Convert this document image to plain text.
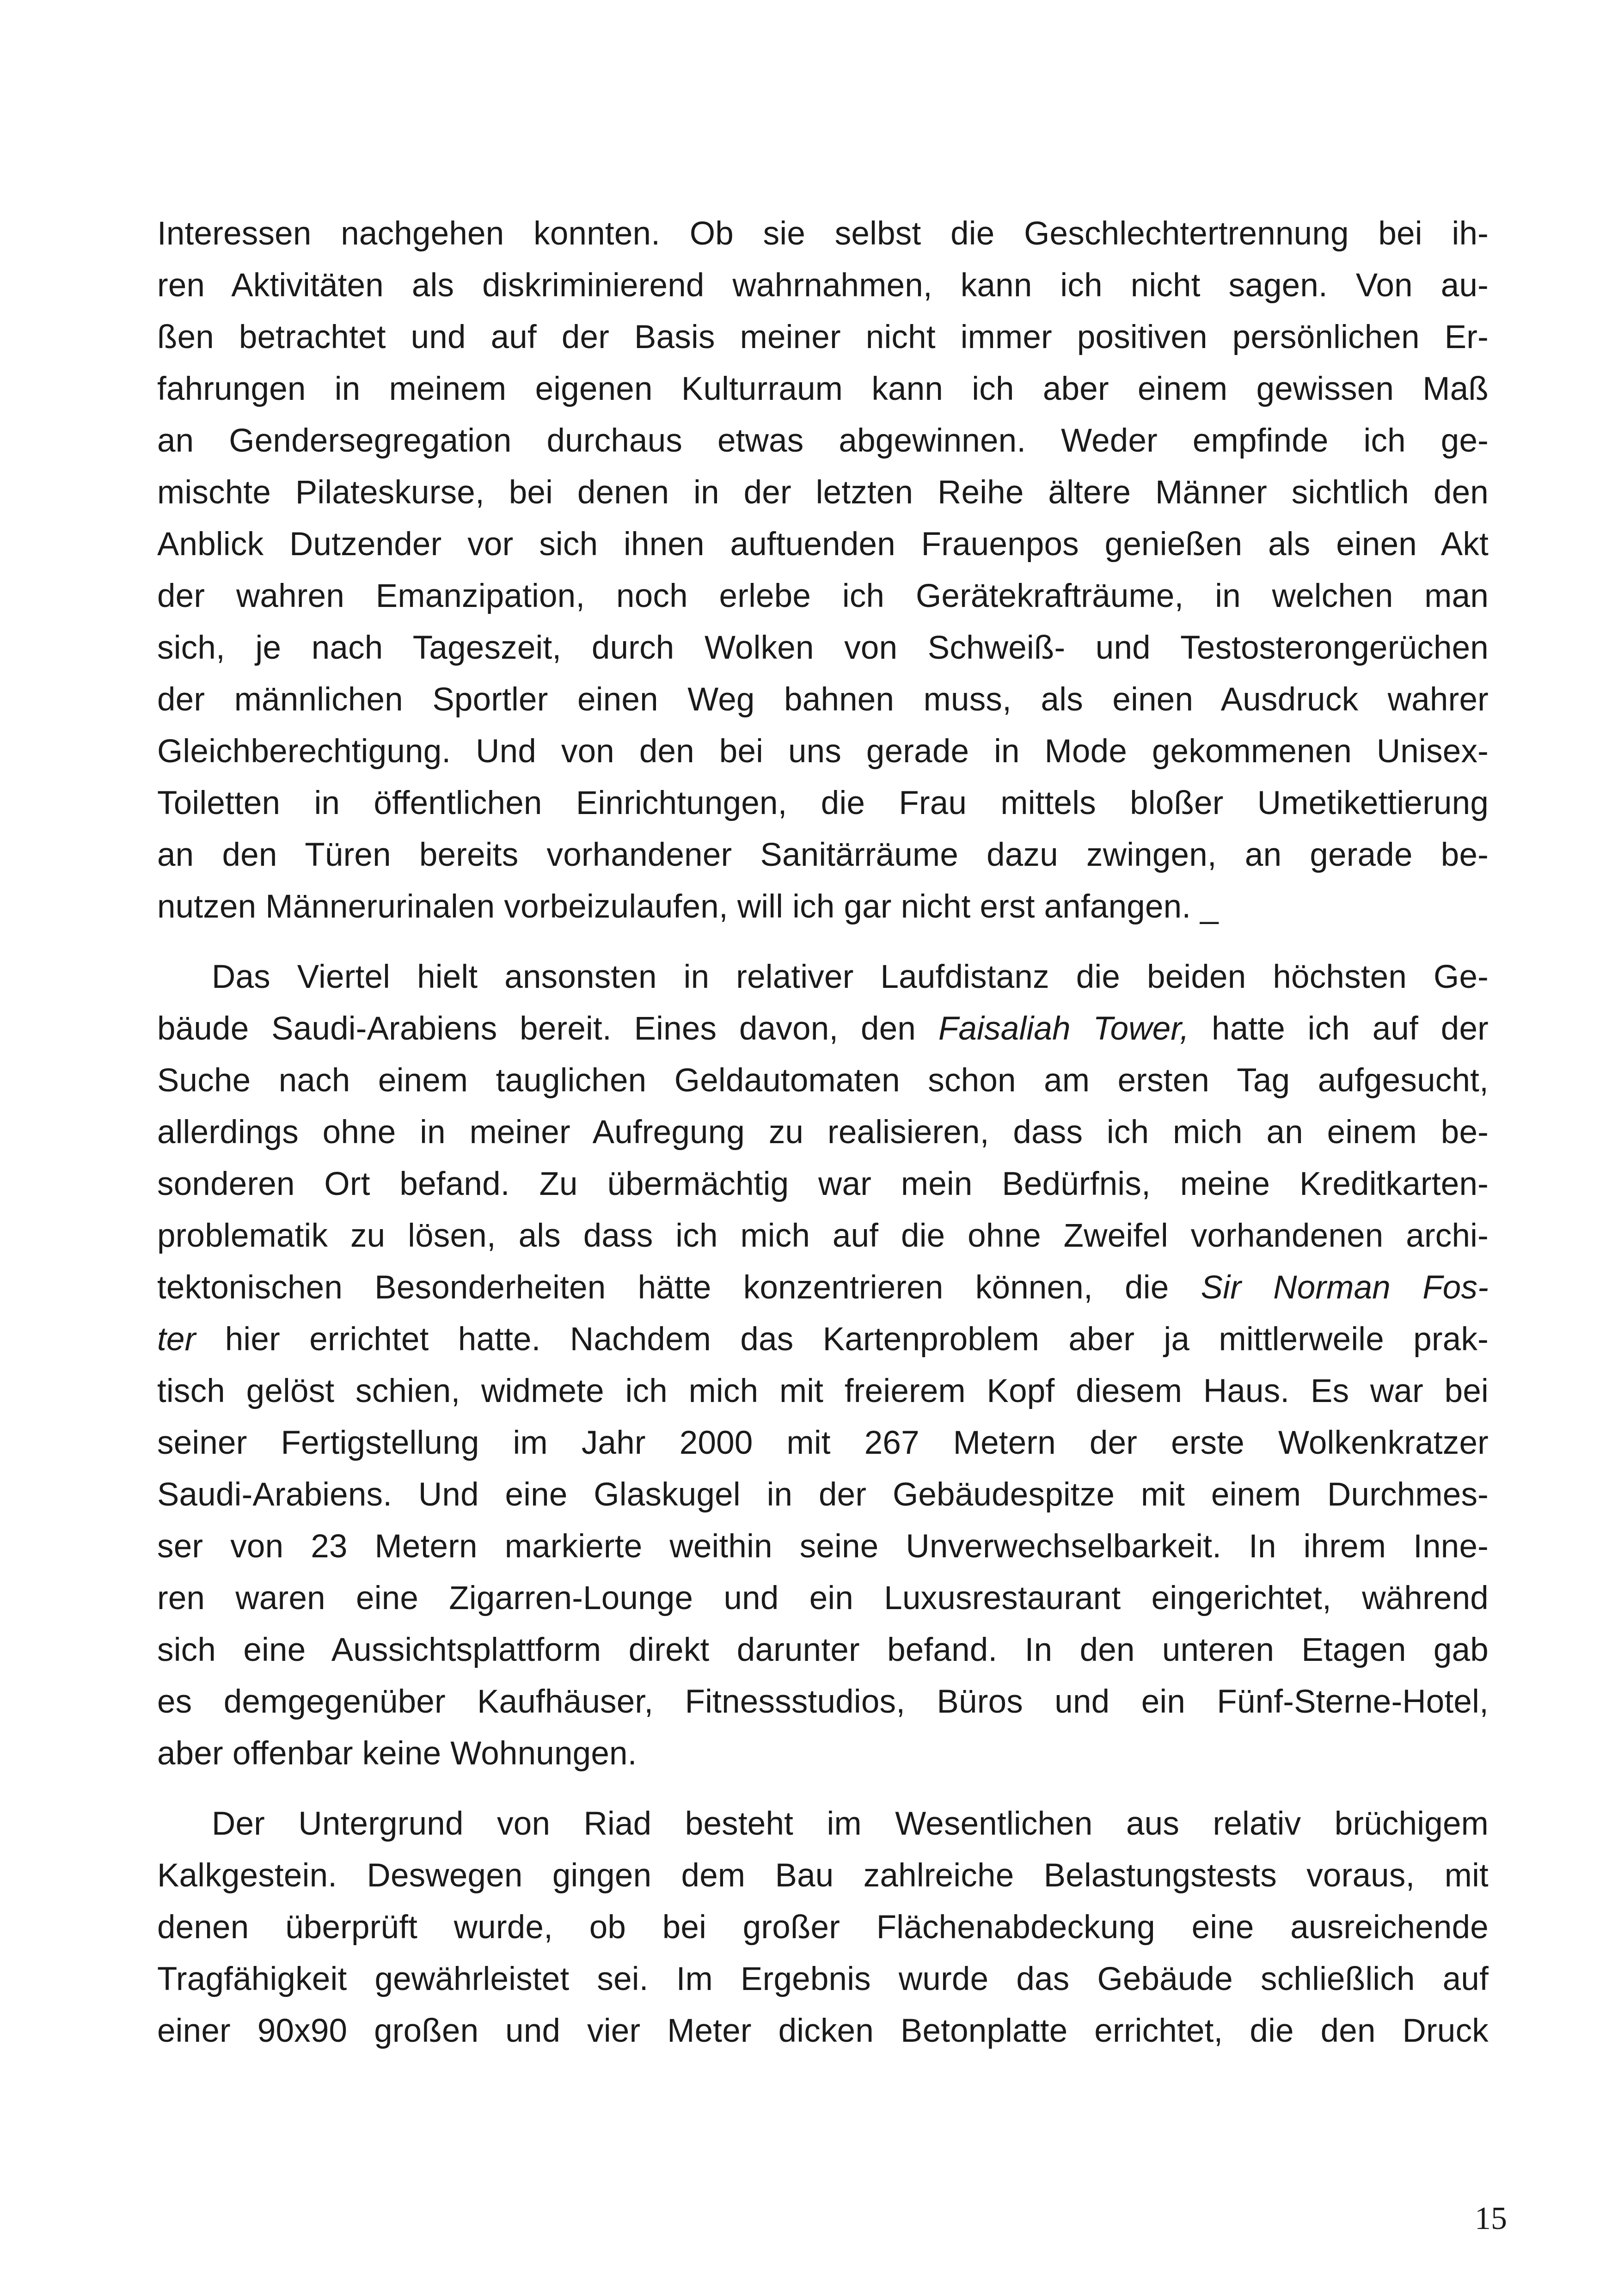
Interessen nachgehen konnten. Ob sie selbst die Geschlechtertrennung bei ih-
ren Aktivitäten als diskriminierend wahrnahmen, kann ich nicht sagen. Von au-
ßen betrachtet und auf der Basis meiner nicht immer positiven persönlichen Er-
fahrungen in meinem eigenen Kulturraum kann ich aber einem gewissen Maß
an Gendersegregation durchaus etwas abgewinnen. Weder empfinde ich ge-
mischte Pilateskurse, bei denen in der letzten Reihe ältere Männer sichtlich den
Anblick Dutzender vor sich ihnen auftuenden Frauenpos genießen als einen Akt
der wahren Emanzipation, noch erlebe ich Gerätekrafträume, in welchen man
sich, je nach Tageszeit, durch Wolken von Schweiß- und Testosterongerüchen
der männlichen Sportler einen Weg bahnen muss, als einen Ausdruck wahrer
Gleichberechtigung. Und von den bei uns gerade in Mode gekommenen Unisex-
Toiletten in öffentlichen Einrichtungen, die Frau mittels bloßer Umetikettierung
an den Türen bereits vorhandener Sanitärräume dazu zwingen, an gerade be-
nutzen Männerurinalen vorbeizulaufen, will ich gar nicht erst anfangen. _
Das Viertel hielt ansonsten in relativer Laufdistanz die beiden höchsten Ge-
bäude Saudi-Arabiens bereit. Eines davon, den Faisaliah Tower, hatte ich auf der
Suche nach einem tauglichen Geldautomaten schon am ersten Tag aufgesucht,
allerdings ohne in meiner Aufregung zu realisieren, dass ich mich an einem be-
sonderen Ort befand. Zu übermächtig war mein Bedürfnis, meine Kreditkarten-
problematik zu lösen, als dass ich mich auf die ohne Zweifel vorhandenen archi-
tektonischen Besonderheiten hätte konzentrieren können, die Sir Norman Fos-
ter hier errichtet hatte. Nachdem das Kartenproblem aber ja mittlerweile prak-
tisch gelöst schien, widmete ich mich mit freierem Kopf diesem Haus. Es war bei
seiner Fertigstellung im Jahr 2000 mit 267 Metern der erste Wolkenkratzer
Saudi-Arabiens. Und eine Glaskugel in der Gebäudespitze mit einem Durchmes-
ser von 23 Metern markierte weithin seine Unverwechselbarkeit. In ihrem Inne-
ren waren eine Zigarren-Lounge und ein Luxusrestaurant eingerichtet, während
sich eine Aussichtsplattform direkt darunter befand. In den unteren Etagen gab
es demgegenüber Kaufhäuser, Fitnessstudios, Büros und ein Fünf-Sterne-Hotel,
aber offenbar keine Wohnungen.
Der Untergrund von Riad besteht im Wesentlichen aus relativ brüchigem
Kalkgestein. Deswegen gingen dem Bau zahlreiche Belastungstests voraus, mit
denen überprüft wurde, ob bei großer Flächenabdeckung eine ausreichende
Tragfähigkeit gewährleistet sei. Im Ergebnis wurde das Gebäude schließlich auf
einer 90x90 großen und vier Meter dicken Betonplatte errichtet, die den Druck
15
